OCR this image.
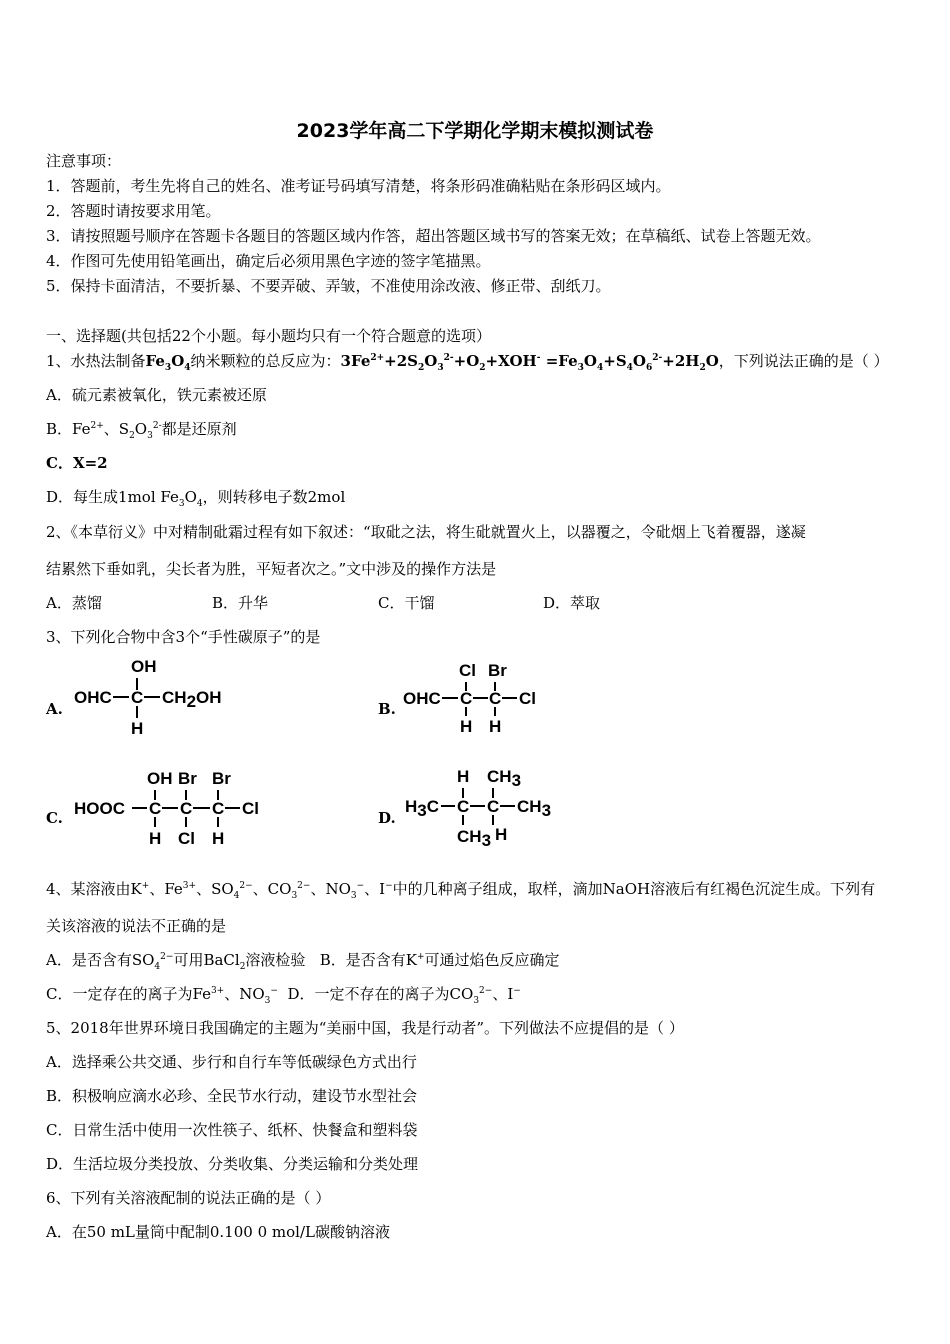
2023学年高二下学期化学期末模拟测试卷
注意事项：
1．答题前，考生先将自己的姓名、准考证号码填写清楚，将条形码准确粘贴在条形码区域内。
2．答题时请按要求用笔。
3．请按照题号顺序在答题卡各题目的答题区域内作答，超出答题区域书写的答案无效；在草稿纸、试卷上答题无效。
4．作图可先使用铅笔画出，确定后必须用黑色字迹的签字笔描黑。
5．保持卡面清洁，不要折暴、不要弄破、弄皱，不准使用涂改液、修正带、刮纸刀。
一、选择题(共包括22个小题。每小题均只有一个符合题意的选项）
1、水热法制备$Fe_3O_4$纳米颗粒的总反应为：$3Fe^{2+}+2S_2O_3^{2-}+O_2+XOH^- =Fe_3O_4+S_4O_6^{2-}+2H_2O$，下列说法正确的是（ ）
A．硫元素被氧化，铁元素被还原
B．$Fe^{2+}$、$S_2O_3^{2-}$都是还原剂
C．X=2
D．每生成1mol $Fe_3O_4$，则转移电子数2mol
2、《本草衍义》中对精制砒霜过程有如下叙述：“取砒之法，将生砒就置火上，以器覆之，令砒烟上飞着覆器，遂凝
结累然下垂如乳，尖长者为胜，平短者次之。”文中涉及的操作方法是
A．蒸馏	B．升华	C．干馏	D．萃取
3、下列化合物中含3个“手性碳原子”的是
A.
OH
OHC C CH2OH
H
B.
Cl Br
OHC C C Cl
H H
C.
OH Br Br
HOOC C C C Cl
H Cl H
D.
H CH3
H3C C C CH3
CH3 H
4、某溶液由K+、$Fe^{3+}$、$SO_4^{2-}$、$CO_3^{2-}$、$NO_3^-$、I−中的几种离子组成，取样，滴加NaOH溶液后有红褐色沉淀生成。下列有
关该溶液的说法不正确的是
A．是否含有$SO_4^{2-}$可用BaCl$_2$溶液检验 B．是否含有K+可通过焰色反应确定
C．一定存在的离子为$Fe^{3+}$、$NO_3^-$ D．一定不存在的离子为$CO_3^{2-}$、I−
5、2018年世界环境日我国确定的主题为“美丽中国，我是行动者”。下列做法不应提倡的是（ ）
A．选择乘公共交通、步行和自行车等低碳绿色方式出行
B．积极响应滴水必珍、全民节水行动，建设节水型社会
C．日常生活中使用一次性筷子、纸杯、快餐盒和塑料袋
D．生活垃圾分类投放、分类收集、分类运输和分类处理
6、下列有关溶液配制的说法正确的是（ ）
A．在50 mL量筒中配制0.100 0 mol/L碳酸钠溶液
